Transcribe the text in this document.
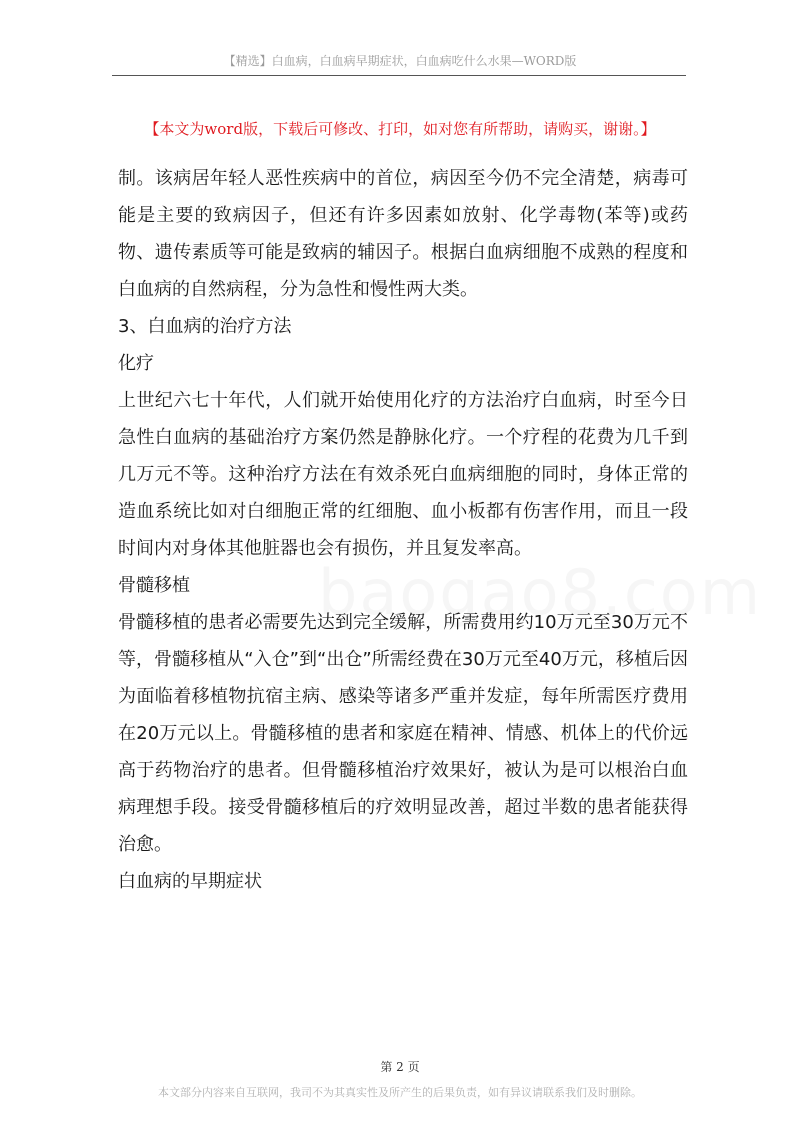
【精选】白血病，白血病早期症状，白血病吃什么水果—WORD版
【本文为word版，下载后可修改、打印，如对您有所帮助，请购买，谢谢。】

制。该病居年轻人恶性疾病中的首位，病因至今仍不完全清楚，病毒可能是主要的致病因子，但还有许多因素如放射、化学毒物(苯等)或药物、遗传素质等可能是致病的辅因子。根据白血病细胞不成熟的程度和白血病的自然病程，分为急性和慢性两大类。

3、白血病的治疗方法

化疗

上世纪六七十年代，人们就开始使用化疗的方法治疗白血病，时至今日急性白血病的基础治疗方案仍然是静脉化疗。一个疗程的花费为几千到几万元不等。这种治疗方法在有效杀死白血病细胞的同时，身体正常的造血系统比如对白细胞正常的红细胞、血小板都有伤害作用，而且一段时间内对身体其他脏器也会有损伤，并且复发率高。

骨髓移植

骨髓移植的患者必需要先达到完全缓解，所需费用约10万元至30万元不等，骨髓移植从“入仓”到“出仓”所需经费在30万元至40万元，移植后因为面临着移植物抗宿主病、感染等诸多严重并发症，每年所需医疗费用在20万元以上。骨髓移植的患者和家庭在精神、情感、机体上的代价远高于药物治疗的患者。但骨髓移植治疗效果好，被认为是可以根治白血病理想手段。接受骨髓移植后的疗效明显改善，超过半数的患者能获得治愈。

白血病的早期症状

第 2 页
本文部分内容来自互联网，我司不为其真实性及所产生的后果负责，如有异议请联系我们及时删除。
